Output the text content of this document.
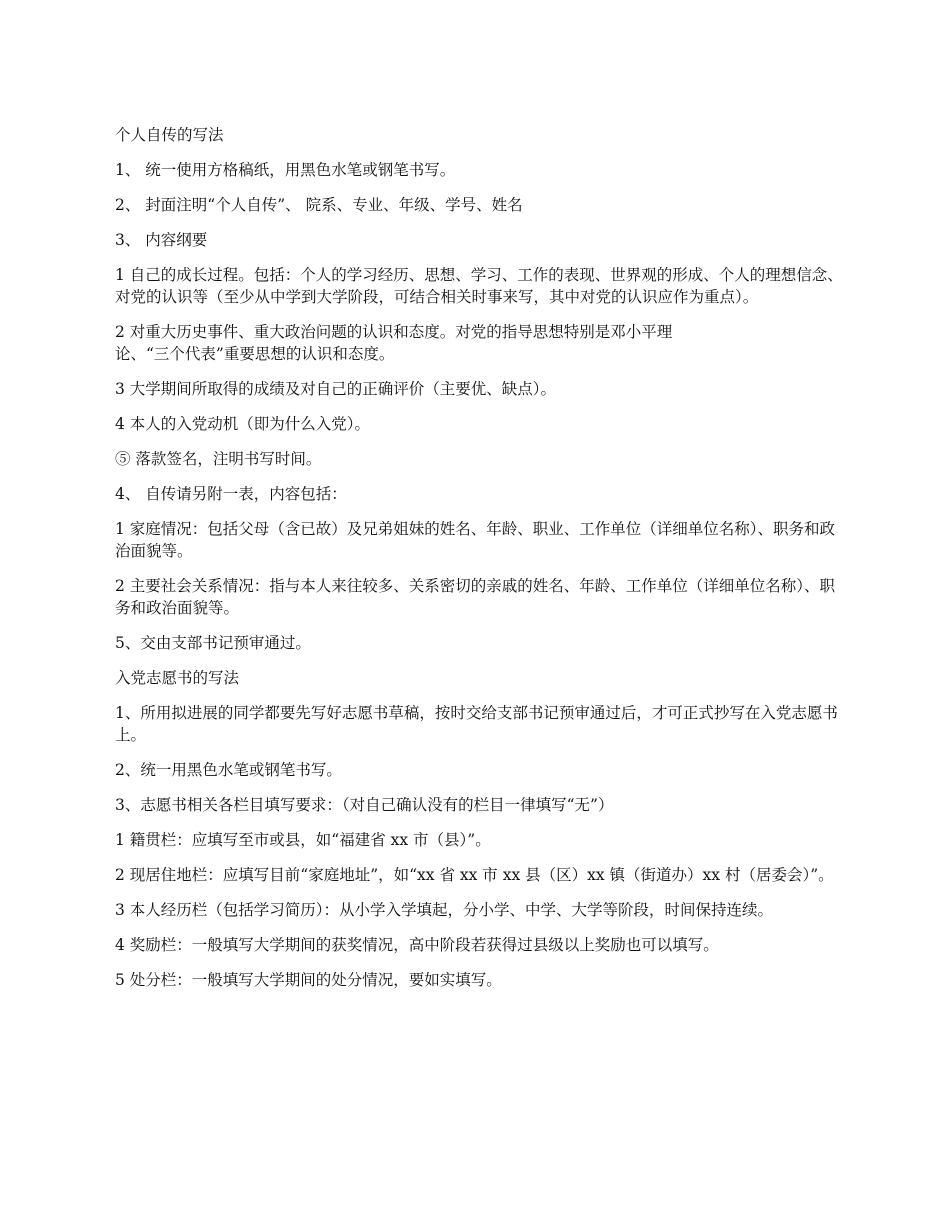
个人自传的写法

1、 统一使用方格稿纸，用黑色水笔或钢笔书写。

2、 封面注明“个人自传”、 院系、专业、年级、学号、姓名

3、 内容纲要

1 自己的成长过程。包括：个人的学习经历、思想、学习、工作的表现、世界观的形成、个人的理想信念、对党的认识等（至少从中学到大学阶段，可结合相关时事来写，其中对党的认识应作为重点）。

2 对重大历史事件、重大政治问题的认识和态度。对党的指导思想特别是邓小平理
论、“三个代表”重要思想的认识和态度。

3 大学期间所取得的成绩及对自己的正确评价（主要优、缺点）。

4 本人的入党动机（即为什么入党）。

⑤ 落款签名，注明书写时间。

4、 自传请另附一表，内容包括：

1 家庭情况：包括父母（含已故）及兄弟姐妹的姓名、年龄、职业、工作单位（详细单位名称）、职务和政治面貌等。

2 主要社会关系情况：指与本人来往较多、关系密切的亲戚的姓名、年龄、工作单位（详细单位名称）、职务和政治面貌等。

5、交由支部书记预审通过。

入党志愿书的写法

1、所用拟进展的同学都要先写好志愿书草稿，按时交给支部书记预审通过后，才可正式抄写在入党志愿书上。

2、统一用黑色水笔或钢笔书写。

3、志愿书相关各栏目填写要求：（对自己确认没有的栏目一律填写“无”）

1 籍贯栏：应填写至市或县，如“福建省 xx 市（县）”。

2 现居住地栏：应填写目前“家庭地址”，如“xx 省 xx 市 xx 县（区）xx 镇（街道办）xx 村（居委会）”。

3 本人经历栏（包括学习简历）：从小学入学填起，分小学、中学、大学等阶段，时间保持连续。

4 奖励栏：一般填写大学期间的获奖情况，高中阶段若获得过县级以上奖励也可以填写。

5 处分栏：一般填写大学期间的处分情况，要如实填写。
